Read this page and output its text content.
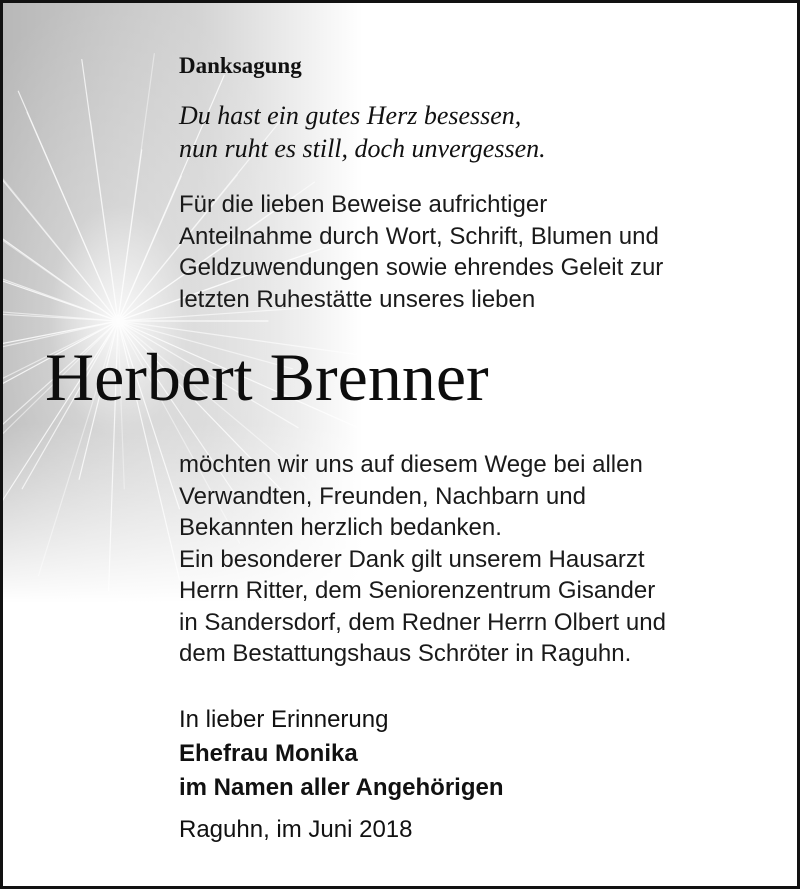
Danksagung
Du hast ein gutes Herz besessen,
nun ruht es still, doch unvergessen.
Für die lieben Beweise aufrichtiger
Anteilnahme durch Wort, Schrift, Blumen und
Geldzuwendungen sowie ehrendes Geleit zur
letzten Ruhestätte unseres lieben
Herbert Brenner
möchten wir uns auf diesem Wege bei allen
Verwandten, Freunden, Nachbarn und
Bekannten herzlich bedanken.
Ein besonderer Dank gilt unserem Hausarzt
Herrn Ritter, dem Seniorenzentrum Gisander
in Sandersdorf, dem Redner Herrn Olbert und
dem Bestattungshaus Schröter in Raguhn.
In lieber Erinnerung
Ehefrau Monika
im Namen aller Angehörigen
Raguhn, im Juni 2018
